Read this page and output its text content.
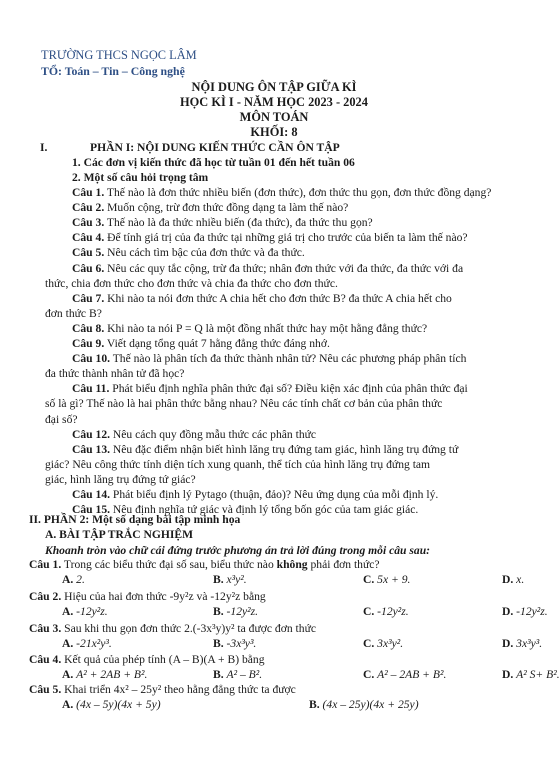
TRƯỜNG THCS NGỌC LÂM
TỔ: Toán – Tin – Công nghệ
NỘI DUNG ÔN TẬP GIỮA KÌ
HỌC KÌ I - NĂM HỌC 2023 - 2024
MÔN TOÁN
KHỐI: 8
I.	PHẦN I: NỘI DUNG KIẾN THỨC CẦN ÔN TẬP
1. Các đơn vị kiến thức đã học từ tuần 01 đến hết tuần 06
2. Một số câu hỏi trọng tâm
Câu 1. Thế nào là đơn thức nhiều biến (đơn thức), đơn thức thu gọn, đơn thức đồng dạng?
Câu 2. Muốn cộng, trừ đơn thức đồng dạng ta làm thế nào?
Câu 3. Thế nào là đa thức nhiều biến (đa thức), đa thức thu gọn?
Câu 4. Để tính giá trị của đa thức tại những giá trị cho trước của biến ta làm thế nào?
Câu 5. Nêu cách tìm bậc của đơn thức và đa thức.
Câu 6. Nêu các quy tắc cộng, trừ đa thức; nhân đơn thức với đa thức, đa thức với đa
thức, chia đơn thức cho đơn thức và chia đa thức cho đơn thức.
Câu 7. Khi nào ta nói đơn thức A chia hết cho đơn thức B? đa thức A chia hết cho
đơn thức B?
Câu 8. Khi nào ta nói P = Q là một đồng nhất thức hay một hằng đẳng thức?
Câu 9. Viết dạng tổng quát 7 hằng đẳng thức đáng nhớ.
Câu 10. Thế nào là phân tích đa thức thành nhân tử? Nêu các phương pháp phân tích
đa thức thành nhân tử đã học?
Câu 11. Phát biểu định nghĩa phân thức đại số? Điều kiện xác định của phân thức đại
số là gì? Thế nào là hai phân thức bằng nhau? Nêu các tính chất cơ bản của phân thức
đại số?
Câu 12. Nêu cách quy đồng mẫu thức các phân thức
Câu 13. Nêu đặc điểm nhận biết hình lăng trụ đứng tam giác, hình lăng trụ đứng tứ
giác? Nêu công thức tính diện tích xung quanh, thể tích của hình lăng trụ đứng tam
giác, hình lăng trụ đứng tứ giác?
Câu 14. Phát biểu định lý Pytago (thuận, đảo)? Nêu ứng dụng của mỗi định lý.
Câu 15. Nêu định nghĩa tứ giác và định lý tổng bốn góc của tam giác giác.
II. PHẦN 2: Một số dạng bài tập minh họa
A. BÀI TẬP TRẮC NGHIỆM
Khoanh tròn vào chữ cái đứng trước phương án trả lời đúng trong mỗi câu sau:
Câu 1. Trong các biểu thức đại số sau, biểu thức nào không phải đơn thức?
A. 2.	B. x³y².	C. 5x + 9.	D. x.
Câu 2. Hiệu của hai đơn thức -9y²z và -12y²z bằng
A. -12y²z.	B. -12y²z.	C. -12y²z.	D. -12y²z.
Câu 3. Sau khi thu gọn đơn thức 2.(-3x³y)y² ta được đơn thức
A. -21x²y³.	B. -3x³y³.	C. 3x³y².	D. 3x³y³.
Câu 4. Kết quả của phép tính (A – B)(A + B) bằng
A. A² + 2AB + B².	B. A² – B².	C. A² – 2AB + B².	D. A² S+ B².
Câu 5. Khai triển 4x² – 25y² theo hằng đẳng thức ta được
A. (4x – 5y)(4x + 5y)	B. (4x – 25y)(4x + 25y)
